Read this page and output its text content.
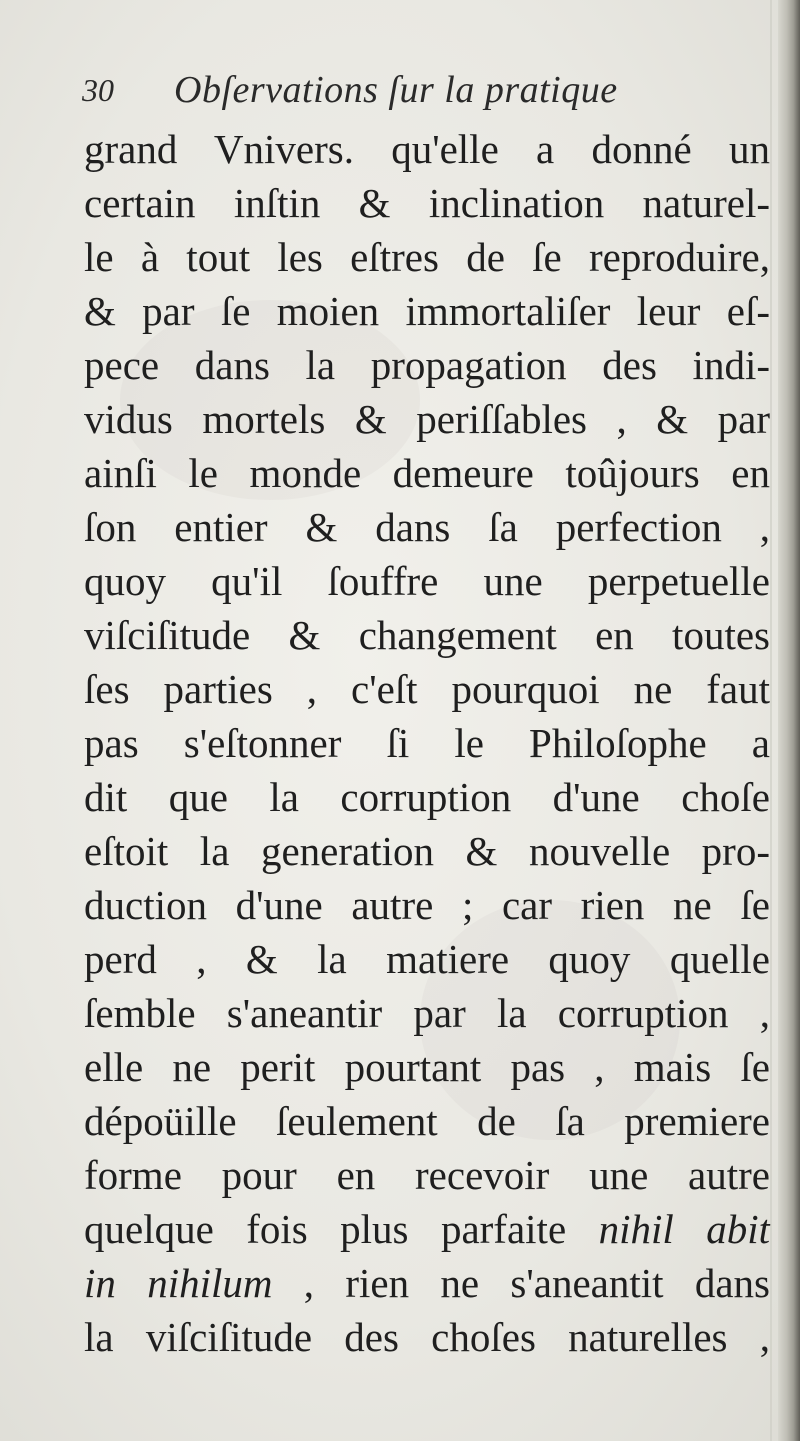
30 Obſervations ſur la pratique
grand Vnivers. qu'elle a donné un
certain inſtin & inclination naturel-
le à tout les eſtres de ſe reproduire,
& par ſe moien immortaliſer leur eſ-
pece dans la propagation des indi-
vidus mortels & periſſables , & par
ainſi le monde demeure toûjours en
ſon entier & dans ſa perfection ,
quoy qu'il ſouffre une perpetuelle
viſciſitude & changement en toutes
ſes parties , c'eſt pourquoi ne faut
pas s'eſtonner ſi le Philoſophe a
dit que la corruption d'une choſe
eſtoit la generation & nouvelle pro-
duction d'une autre ; car rien ne ſe
perd , & la matiere quoy quelle
ſemble s'aneantir par la corruption ,
elle ne perit pourtant pas , mais ſe
dépoüille ſeulement de ſa premiere
forme pour en recevoir une autre
quelque fois plus parfaite nihil abit
in nihilum , rien ne s'aneantit dans
la viſciſitude des choſes naturelles ,
